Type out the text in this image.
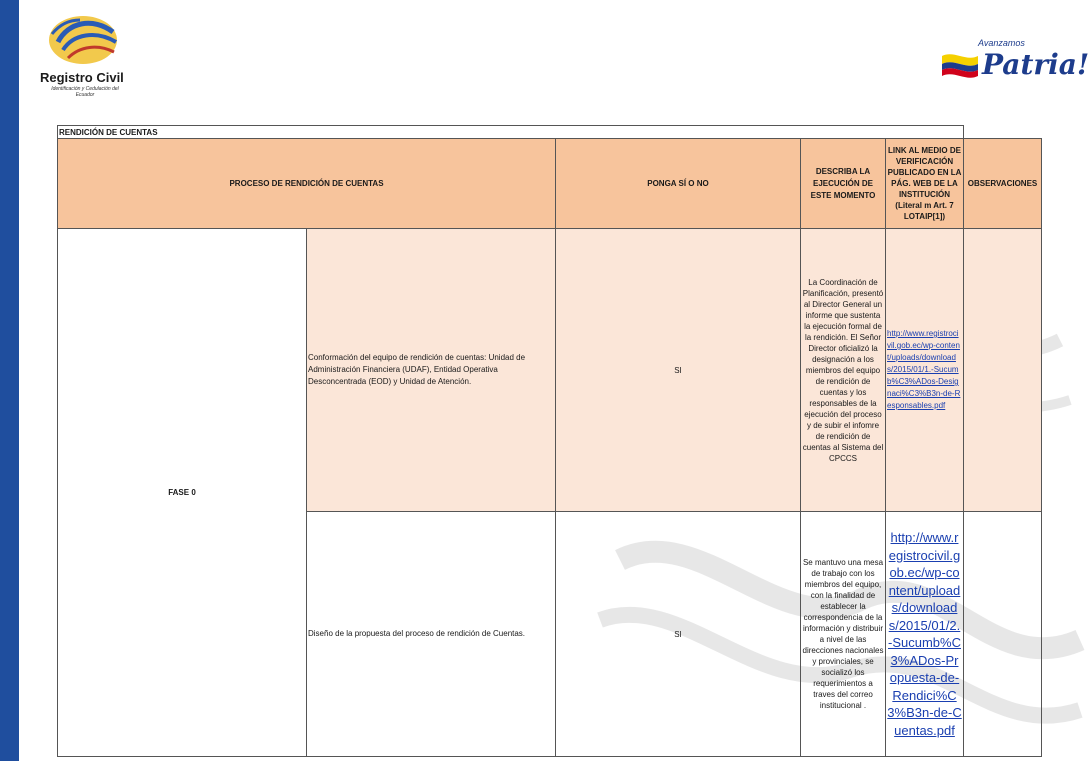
Registro Civil
Identificación y Cedulación del Ecuador
Avanzamos
Patria!
RENDICIÓN DE CUENTAS					
PROCESO DE RENDICIÓN DE CUENTAS		PONGA SÍ O NO	DESCRIBA LA EJECUCIÓN DE ESTE MOMENTO	LINK AL MEDIO DE VERIFICACIÓN PUBLICADO EN LA PÁG. WEB DE LA INSTITUCIÓN (Literal m Art. 7 LOTAIP[1])	OBSERVACIONES
FASE 0	Conformación del equipo de rendición de cuentas: Unidad de Administración Financiera (UDAF), Entidad Operativa Desconcentrada (EOD) y Unidad de Atención.	SI	La Coordinación de Planificación, presentó al Director General un informe que sustenta la ejecución formal de la rendición. El Señor Director oficializó la designación a los miembros del equipo de rendición de cuentas y los responsables de la ejecución del proceso y de subir el infomre de rendición de cuentas al Sistema del CPCCS	http://www.registrocivil.gob.ec/wp-content/uploads/downloads/2015/01/1.-Sucumb%C3%ADos-Designaci%C3%B3n-de-Responsables.pdf	
	Diseño de la propuesta del proceso de rendición de Cuentas.	SI	Se mantuvo una mesa de trabajo con los miembros del equipo, con la finalidad de establecer la correspondencia de la información y distribuir a nivel de las direcciones nacionales y provinciales, se socializó los requerimientos a traves del correo institucional .	http://www.registrocivil.gob.ec/wp-content/uploads/downloads/2015/01/2.-Sucumb%C3%ADos-Propuesta-de-Rendici%C3%B3n-de-Cuentas.pdf	
